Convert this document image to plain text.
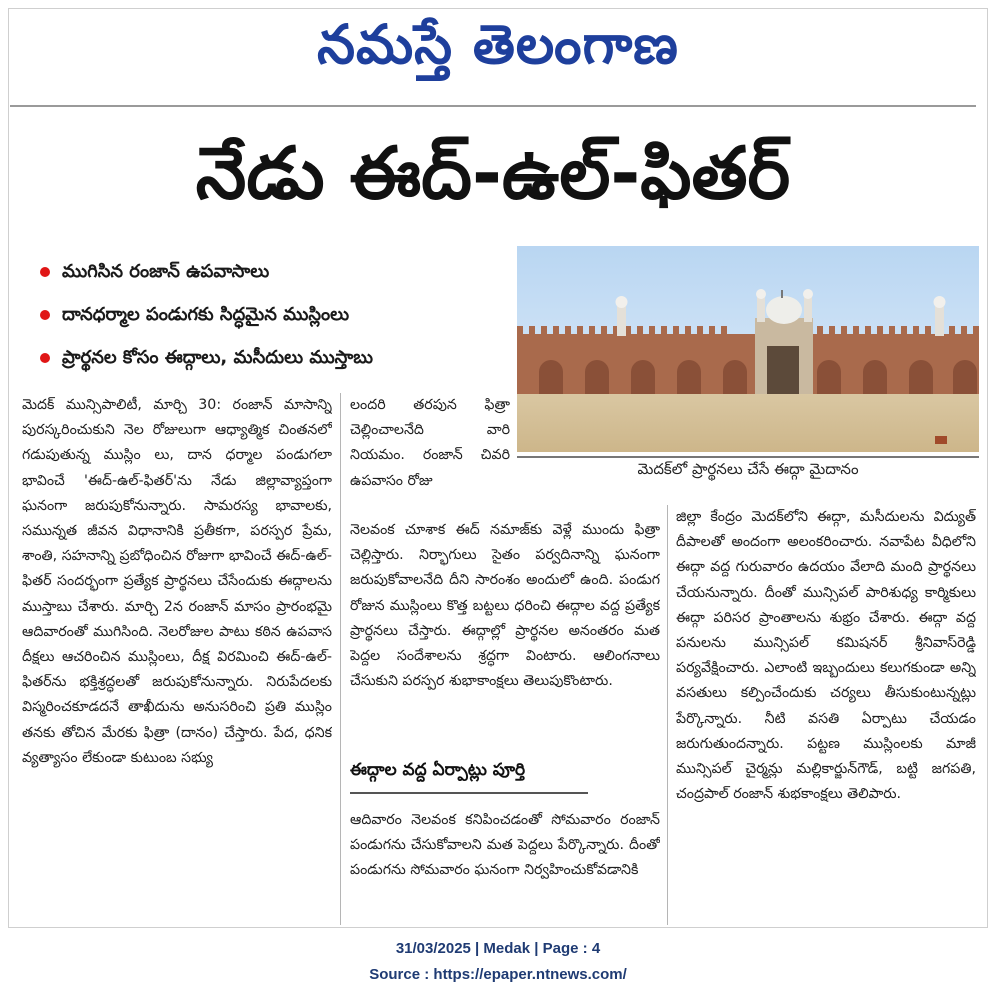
నమస్తే తెలంగాణ
నేడు ఈద్-ఉల్-ఫితర్
ముగిసిన రంజాన్ ఉపవాసాలు
దానధర్మాల పండుగకు సిద్ధమైన ముస్లింలు
ప్రార్థనల కోసం ఈద్గాలు, మసీదులు ముస్తాబు
మెదక్‌లో ప్రార్థనలు చేసే ఈద్గా మైదానం

మెదక్ మున్సిపాలిటీ, మార్చి 30: రంజాన్ మాసాన్ని పురస్కరించుకుని నెల రోజులుగా ఆధ్యాత్మిక చింతనలో గడుపుతున్న ముస్లిం లు, దాన ధర్మాల పండుగలా భావించే 'ఈద్-ఉల్-ఫితర్'ను నేడు జిల్లావ్యాప్తంగా ఘనంగా జరుపుకోనున్నారు. సామరస్య భావాలకు, సమున్నత జీవన విధానానికి ప్రతీకగా, పరస్పర ప్రేమ, శాంతి, సహనాన్ని ప్రబోధించిన రోజుగా భావించే ఈద్-ఉల్-ఫితర్ సందర్భంగా ప్రత్యేక ప్రార్థనలు చేసేందుకు ఈద్గాలను ముస్తాబు చేశారు. మార్చి 2న రంజాన్ మాసం ప్రారంభమై ఆదివారంతో ముగిసింది. నెలరోజుల పాటు కఠిన ఉపవాస దీక్షలు ఆచరించిన ముస్లింలు, దీక్ష విరమించి ఈద్-ఉల్-ఫితర్‌ను భక్తిశ్రద్ధలతో జరుపుకోనున్నారు. నిరుపేదలకు విస్మరించకూడదనే తాఖీదును అనుసరించి ప్రతి ముస్లిం తనకు తోచిన మేరకు ఫిత్రా (దానం) చేస్తారు. పేద, ధనిక వ్యత్యాసం లేకుండా కుటుంబ సభ్యు

లందరి తరపున ఫిత్రా చెల్లించాలనేది వారి నియమం. రంజాన్ చివరి ఉపవాసం రోజు

నెలవంక చూశాక ఈద్ నమాజ్‌కు వెళ్లే ముందు ఫిత్రా చెల్లిస్తారు. నిర్భాగులు సైతం పర్వదినాన్ని ఘనంగా జరుపుకోవాలనేది దీని సారంశం అందులో ఉంది. పండుగ రోజున ముస్లింలు కొత్త బట్టలు ధరించి ఈద్గాల వద్ద ప్రత్యేక ప్రార్థనలు చేస్తారు. ఈద్గాల్లో ప్రార్థనల అనంతరం మత పెద్దల సందేశాలను శ్రద్ధగా వింటారు. ఆలింగనాలు చేసుకుని పరస్పర శుభాకాంక్షలు తెలుపుకొంటారు.

ఈద్గాల వద్ద ఏర్పాట్లు పూర్తి

ఆదివారం నెలవంక కనిపించడంతో సోమవారం రంజాన్ పండుగను చేసుకోవాలని మత పెద్దలు పేర్కొన్నారు. దీంతో పండుగను సోమవారం ఘనంగా నిర్వహించుకోవడానికి

జిల్లా కేంద్రం మెదక్‌లోని ఈద్గా, మసీదులను విద్యుత్ దీపాలతో అందంగా అలంకరించారు. నవాపేట వీధిలోని ఈద్గా వద్ద గురువారం ఉదయం వేలాది మంది ప్రార్థనలు చేయనున్నారు. దీంతో మున్సిపల్ పారిశుధ్య కార్మికులు ఈద్గా పరిసర ప్రాంతాలను శుభ్రం చేశారు. ఈద్గా వద్ద పనులను మున్సిపల్ కమిషనర్ శ్రీనివాస్‌రెడ్డి పర్యవేక్షించారు. ఎలాంటి ఇబ్బందులు కలుగకుండా అన్ని వసతులు కల్పించేందుకు చర్యలు తీసుకుంటున్నట్లు పేర్కొన్నారు. నీటి వసతి ఏర్పాటు చేయడం జరుగుతుందన్నారు. పట్టణ ముస్లింలకు మాజీ మున్సిపల్ చైర్మన్లు మల్లికార్జున్‌గౌడ్, బట్టి జగపతి, చంద్రపాల్ రంజాన్ శుభకాంక్షలు తెలిపారు.

31/03/2025 | Medak | Page : 4
Source : https://epaper.ntnews.com/
